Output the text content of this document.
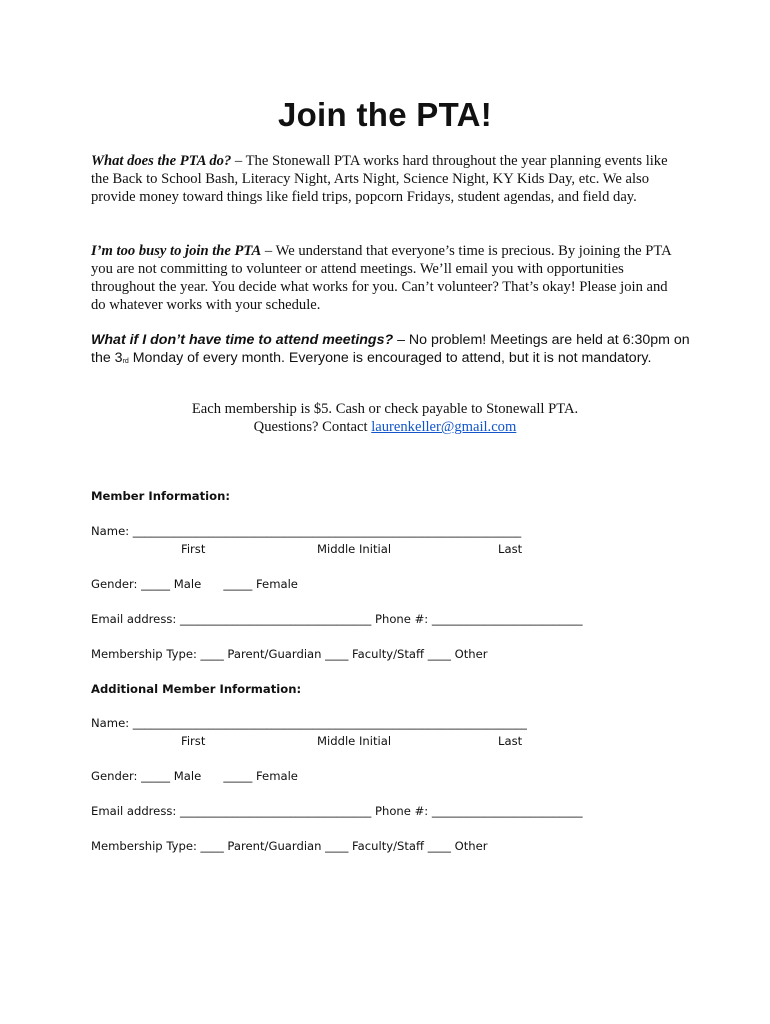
Join the PTA!

What does the PTA do? – The Stonewall PTA works hard throughout the year planning events like the Back to School Bash, Literacy Night, Arts Night, Science Night, KY Kids Day, etc. We also provide money toward things like field trips, popcorn Fridays, student agendas, and field day.

I’m too busy to join the PTA – We understand that everyone’s time is precious. By joining the PTA you are not committing to volunteer or attend meetings. We’ll email you with opportunities throughout the year. You decide what works for you. Can’t volunteer? That’s okay! Please join and do whatever works with your schedule.

What if I don’t have time to attend meetings? – No problem! Meetings are held at 6:30pm on
the $3_{rd}$ Monday of every month. Everyone is encouraged to attend, but it is not mandatory.

Each membership is $5. Cash or check payable to Stonewall PTA.
Questions? Contact laurenkeller@gmail.com
Member Information:
Name: ___________________________________________________________________
First	Middle Initial	Last
Gender: _____ Male      _____ Female
Email address: _________________________________ Phone #: __________________________
Membership Type: ____ Parent/Guardian ____ Faculty/Staff ____ Other
Additional Member Information:
Name: ____________________________________________________________________
First	Middle Initial	Last
Gender: _____ Male      _____ Female
Email address: _________________________________ Phone #: __________________________
Membership Type: ____ Parent/Guardian ____ Faculty/Staff ____ Other
